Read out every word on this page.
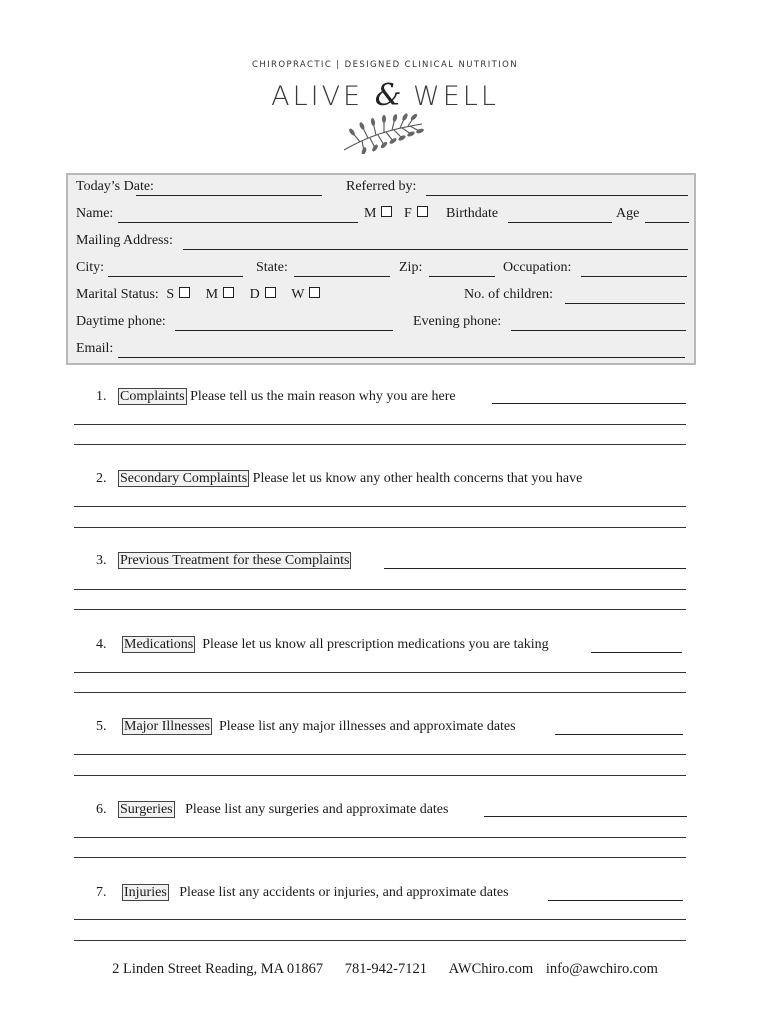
CHIROPRACTIC | DESIGNED CLINICAL NUTRITION
ALIVE & WELL
Today’s Date:	Referred by:
Name:	M F	Birthdate	Age
Mailing Address:
City:	State:	Zip:	Occupation:
Marital Status: S M D W	No. of children:
Daytime phone:	Evening phone:
Email:
1. Complaints Please tell us the main reason why you are here
2. Secondary Complaints Please let us know any other health concerns that you have
3. Previous Treatment for these Complaints
4. Medications  Please let us know all prescription medications you are taking
5. Major Illnesses  Please list any major illnesses and approximate dates
6. Surgeries   Please list any surgeries and approximate dates
7. Injuries   Please list any accidents or injuries, and approximate dates
2 Linden Street Reading, MA 01867 781-942-7121 AWChiro.com info@awchiro.com
